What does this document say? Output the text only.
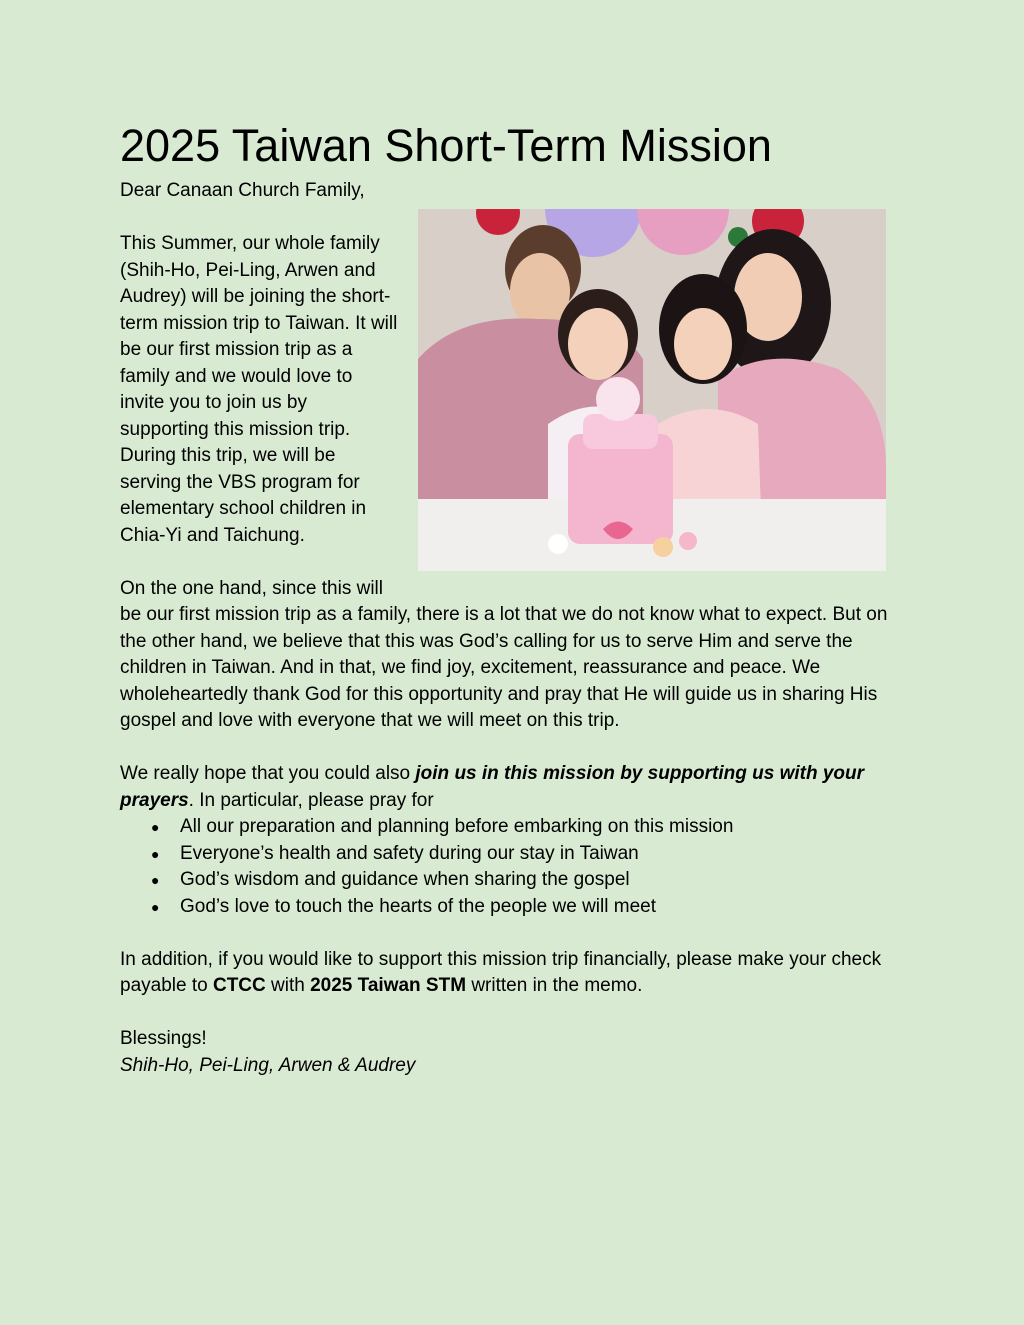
2025 Taiwan Short-Term Mission

Dear Canaan Church Family,

This Summer, our whole family (Shih-Ho, Pei-Ling, Arwen and Audrey) will be joining the short-term mission trip to Taiwan. It will be our first mission trip as a family and we would love to invite you to join us by supporting this mission trip. During this trip, we will be serving the VBS program for elementary school children in Chia-Yi and Taichung.

On the one hand, since this will be our first mission trip as a family, there is a lot that we do not know what to expect. But on the other hand, we believe that this was God’s calling for us to serve Him and serve the children in Taiwan. And in that, we find joy, excitement, reassurance and peace. We wholeheartedly thank God for this opportunity and pray that He will guide us in sharing His gospel and love with everyone that we will meet on this trip.

We really hope that you could also join us in this mission by supporting us with your prayers. In particular, please pray for

● All our preparation and planning before embarking on this mission
● Everyone’s health and safety during our stay in Taiwan
● God’s wisdom and guidance when sharing the gospel
● God’s love to touch the hearts of the people we will meet

In addition, if you would like to support this mission trip financially, please make your check payable to CTCC with 2025 Taiwan STM written in the memo.

Blessings!

Shih-Ho, Pei-Ling, Arwen & Audrey
